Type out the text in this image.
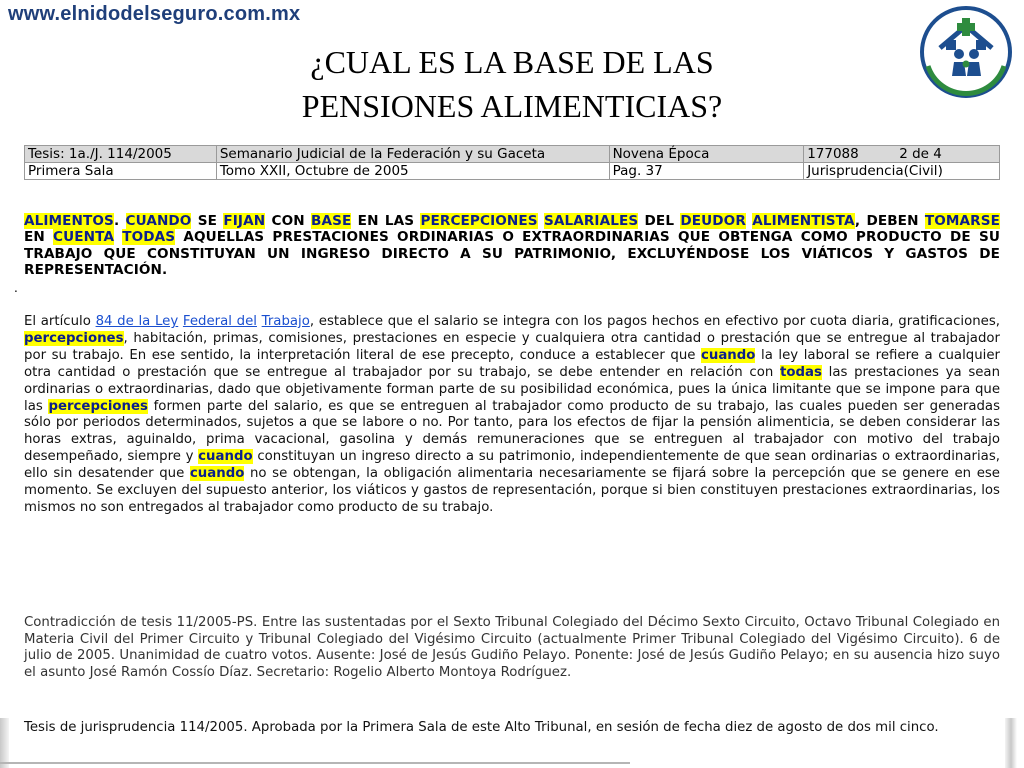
www.elnidodelseguro.com.mx
¿CUAL ES LA BASE DE LAS
PENSIONES ALIMENTICIAS?
Tesis: 1a./J. 114/2005	Semanario Judicial de la Federación y su Gaceta	Novena Época	177088 2 de 4
Primera Sala	Tomo XXII, Octubre de 2005	Pag. 37	Jurisprudencia(Civil)
ALIMENTOS. CUANDO SE FIJAN CON BASE EN LAS PERCEPCIONES SALARIALES DEL DEUDOR ALIMENTISTA, DEBEN TOMARSE EN CUENTA TODAS AQUELLAS PRESTACIONES ORDINARIAS O EXTRAORDINARIAS QUE OBTENGA COMO PRODUCTO DE SU TRABAJO QUE CONSTITUYAN UN INGRESO DIRECTO A SU PATRIMONIO, EXCLUYÉNDOSE LOS VIÁTICOS Y GASTOS DE REPRESENTACIÓN.
.
El artículo 84 de la Ley Federal del Trabajo, establece que el salario se integra con los pagos hechos en efectivo por cuota diaria, gratificaciones, percepciones, habitación, primas, comisiones, prestaciones en especie y cualquiera otra cantidad o prestación que se entregue al trabajador por su trabajo. En ese sentido, la interpretación literal de ese precepto, conduce a establecer que cuando la ley laboral se refiere a cualquier otra cantidad o prestación que se entregue al trabajador por su trabajo, se debe entender en relación con todas las prestaciones ya sean ordinarias o extraordinarias, dado que objetivamente forman parte de su posibilidad económica, pues la única limitante que se impone para que las percepciones formen parte del salario, es que se entreguen al trabajador como producto de su trabajo, las cuales pueden ser generadas sólo por periodos determinados, sujetos a que se labore o no. Por tanto, para los efectos de fijar la pensión alimenticia, se deben considerar las horas extras, aguinaldo, prima vacacional, gasolina y demás remuneraciones que se entreguen al trabajador con motivo del trabajo desempeñado, siempre y cuando constituyan un ingreso directo a su patrimonio, independientemente de que sean ordinarias o extraordinarias, ello sin desatender que cuando no se obtengan, la obligación alimentaria necesariamente se fijará sobre la percepción que se genere en ese momento. Se excluyen del supuesto anterior, los viáticos y gastos de representación, porque si bien constituyen prestaciones extraordinarias, los mismos no son entregados al trabajador como producto de su trabajo.
Contradicción de tesis 11/2005-PS. Entre las sustentadas por el Sexto Tribunal Colegiado del Décimo Sexto Circuito, Octavo Tribunal Colegiado en Materia Civil del Primer Circuito y Tribunal Colegiado del Vigésimo Circuito (actualmente Primer Tribunal Colegiado del Vigésimo Circuito). 6 de julio de 2005. Unanimidad de cuatro votos. Ausente: José de Jesús Gudiño Pelayo. Ponente: José de Jesús Gudiño Pelayo; en su ausencia hizo suyo el asunto José Ramón Cossío Díaz. Secretario: Rogelio Alberto Montoya Rodríguez.
Tesis de jurisprudencia 114/2005. Aprobada por la Primera Sala de este Alto Tribunal, en sesión de fecha diez de agosto de dos mil cinco.
